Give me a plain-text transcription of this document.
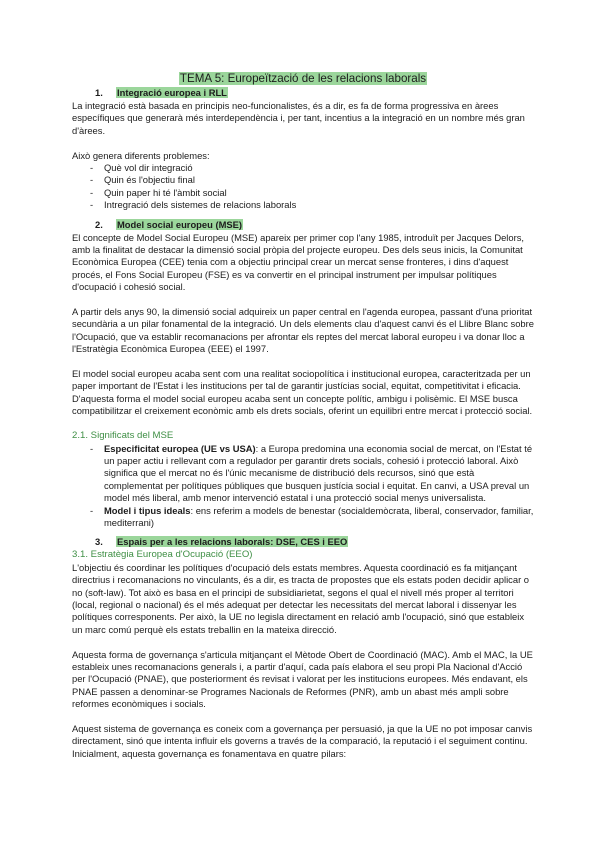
TEMA 5: Europeïtzació de les relacions laborals
1. Integració europea i RLL

La integració està basada en principis neo-funcionalistes, és a dir, es fa de forma progressiva en àrees específiques que generarà més interdependència i, per tant, incentius a la integració en un nombre més gran d'àrees.

Això genera diferents problemes:

- Què vol dir integració
- Quin és l'objectiu final
- Quin paper hi té l'àmbit social
- Intregració dels sistemes de relacions laborals
2. Model social europeu (MSE)

El concepte de Model Social Europeu (MSE) apareix per primer cop l'any 1985, introduït per Jacques Delors, amb la finalitat de destacar la dimensió social pròpia del projecte europeu. Des dels seus inicis, la Comunitat Econòmica Europea (CEE) tenia com a objectiu principal crear un mercat sense fronteres, i dins d'aquest procés, el Fons Social Europeu (FSE) es va convertir en el principal instrument per impulsar polítiques d'ocupació i cohesió social.

A partir dels anys 90, la dimensió social adquireix un paper central en l'agenda europea, passant d'una prioritat secundària a un pilar fonamental de la integració. Un dels elements clau d'aquest canvi és el Llibre Blanc sobre l'Ocupació, que va establir recomanacions per afrontar els reptes del mercat laboral europeu i va donar lloc a l'Estratègia Econòmica Europea (EEE) el 1997.

El model social europeu acaba sent com una realitat sociopolítica i institucional europea, caracteritzada per un paper important de l'Estat i les institucions per tal de garantir justícias social, equitat, competitivitat i eficacia. D'aquesta forma el model social europeu acaba sent un concepte polític, ambigu i polisèmic. El MSE busca compatibilitzar el creixement econòmic amb els drets socials, oferint un equilibri entre mercat i protecció social.

2.1. Significats del MSE
- Especificitat europea (UE vs USA): a Europa predomina una economia social de mercat, on l'Estat té un paper actiu i rellevant com a regulador per garantir drets socials, cohesió i protecció laboral. Això significa que el mercat no és l'únic mecanisme de distribució dels recursos, sinó que està complementat per polítiques públiques que busquen justícia social i equitat. En canvi, a USA preval un model més liberal, amb menor intervenció estatal i una protecció social menys universalista.
- Model i tipus ideals: ens referim a models de benestar (socialdemòcrata, liberal, conservador, familiar, mediterrani)
3. Espais per a les relacions laborals: DSE, CES i EEO
3.1. Estratègia Europea d'Ocupació (EEO)

L'objectiu és coordinar les polítiques d'ocupació dels estats membres. Aquesta coordinació es fa mitjançant directrius i recomanacions no vinculants, és a dir, es tracta de propostes que els estats poden decidir aplicar o no (soft-law). Tot això es basa en el principi de subsidiarietat, segons el qual el nivell més proper al territori (local, regional o nacional) és el més adequat per detectar les necessitats del mercat laboral i dissenyar les polítiques corresponents. Per això, la UE no legisla directament en relació amb l'ocupació, sinó que estableix un marc comú perquè els estats treballin en la mateixa direcció.

Aquesta forma de governança s'articula mitjançant el Mètode Obert de Coordinació (MAC). Amb el MAC, la UE estableix unes recomanacions generals i, a partir d'aquí, cada país elabora el seu propi Pla Nacional d'Acció per l'Ocupació (PNAE), que posteriorment és revisat i valorat per les institucions europees. Més endavant, els PNAE passen a denominar-se Programes Nacionals de Reformes (PNR), amb un abast més ampli sobre reformes econòmiques i socials.

Aquest sistema de governança es coneix com a governança per persuasió, ja que la UE no pot imposar canvis directament, sinó que intenta influir els governs a través de la comparació, la reputació i el seguiment continu. Inicialment, aquesta governança es fonamentava en quatre pilars:
